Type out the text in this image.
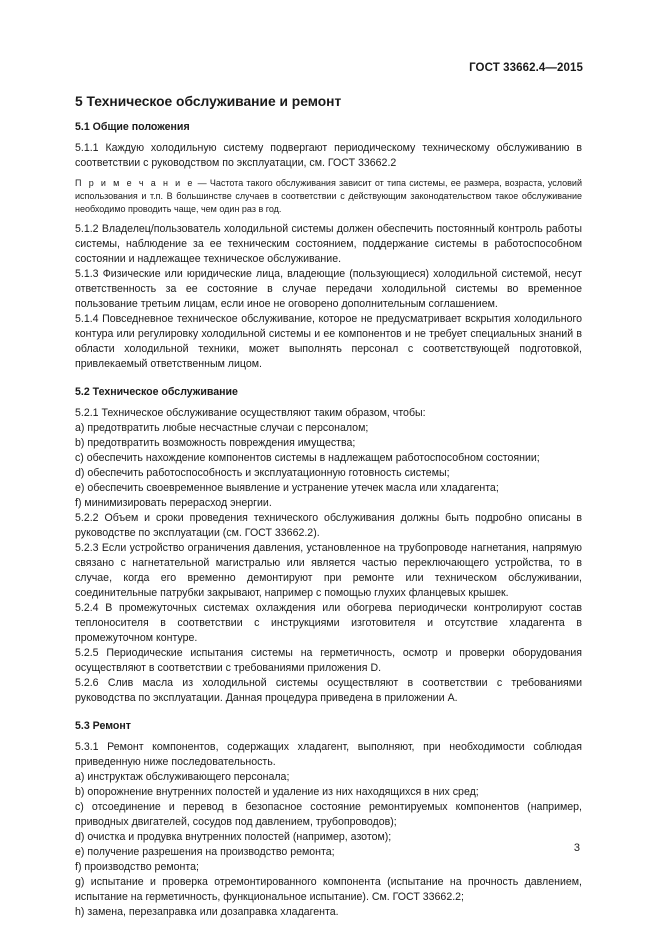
ГОСТ 33662.4—2015
5 Техническое обслуживание и ремонт
5.1 Общие положения

5.1.1 Каждую холодильную систему подвергают периодическому техническому обслуживанию в соответствии с руководством по эксплуатации, см. ГОСТ 33662.2

П р и м е ч а н и е — Частота такого обслуживания зависит от типа системы, ее размера, возраста, условий использования и т.п. В большинстве случаев в соответствии с действующим законодательством такое обслуживание необходимо проводить чаще, чем один раз в год.

5.1.2 Владелец/пользователь холодильной системы должен обеспечить постоянный контроль работы системы, наблюдение за ее техническим состоянием, поддержание системы в работоспособном состоянии и надлежащее техническое обслуживание.

5.1.3 Физические или юридические лица, владеющие (пользующиеся) холодильной системой, несут ответственность за ее состояние в случае передачи холодильной системы во временное пользование третьим лицам, если иное не оговорено дополнительным соглашением.

5.1.4 Повседневное техническое обслуживание, которое не предусматривает вскрытия холодильного контура или регулировку холодильной системы и ее компонентов и не требует специальных знаний в области холодильной техники, может выполнять персонал с соответствующей подготовкой, привлекаемый ответственным лицом.

5.2 Техническое обслуживание

5.2.1 Техническое обслуживание осуществляют таким образом, чтобы:

a) предотвратить любые несчастные случаи с персоналом;

b) предотвратить возможность повреждения имущества;

c) обеспечить нахождение компонентов системы в надлежащем работоспособном состоянии;

d) обеспечить работоспособность и эксплуатационную готовность системы;

e) обеспечить своевременное выявление и устранение утечек масла или хладагента;

f) минимизировать перерасход энергии.

5.2.2 Объем и сроки проведения технического обслуживания должны быть подробно описаны в руководстве по эксплуатации (см. ГОСТ 33662.2).

5.2.3 Если устройство ограничения давления, установленное на трубопроводе нагнетания, напрямую связано с нагнетательной магистралью или является частью переключающего устройства, то в случае, когда его временно демонтируют при ремонте или техническом обслуживании, соединительные патрубки закрывают, например с помощью глухих фланцевых крышек.

5.2.4 В промежуточных системах охлаждения или обогрева периодически контролируют состав теплоносителя в соответствии с инструкциями изготовителя и отсутствие хладагента в промежуточном контуре.

5.2.5 Периодические испытания системы на герметичность, осмотр и проверки оборудования осуществляют в соответствии с требованиями приложения D.

5.2.6 Слив масла из холодильной системы осуществляют в соответствии с требованиями руководства по эксплуатации. Данная процедура приведена в приложении А.

5.3 Ремонт

5.3.1 Ремонт компонентов, содержащих хладагент, выполняют, при необходимости соблюдая приведенную ниже последовательность.

a) инструктаж обслуживающего персонала;

b) опорожнение внутренних полостей и удаление из них находящихся в них сред;

c) отсоединение и перевод в безопасное состояние ремонтируемых компонентов (например, приводных двигателей, сосудов под давлением, трубопроводов);

d) очистка и продувка внутренних полостей (например, азотом);

e) получение разрешения на производство ремонта;

f) производство ремонта;

g) испытание и проверка отремонтированного компонента (испытание на прочность давлением, испытание на герметичность, функциональное испытание). См. ГОСТ 33662.2;

h) замена, перезаправка или дозаправка хладагента.

3
